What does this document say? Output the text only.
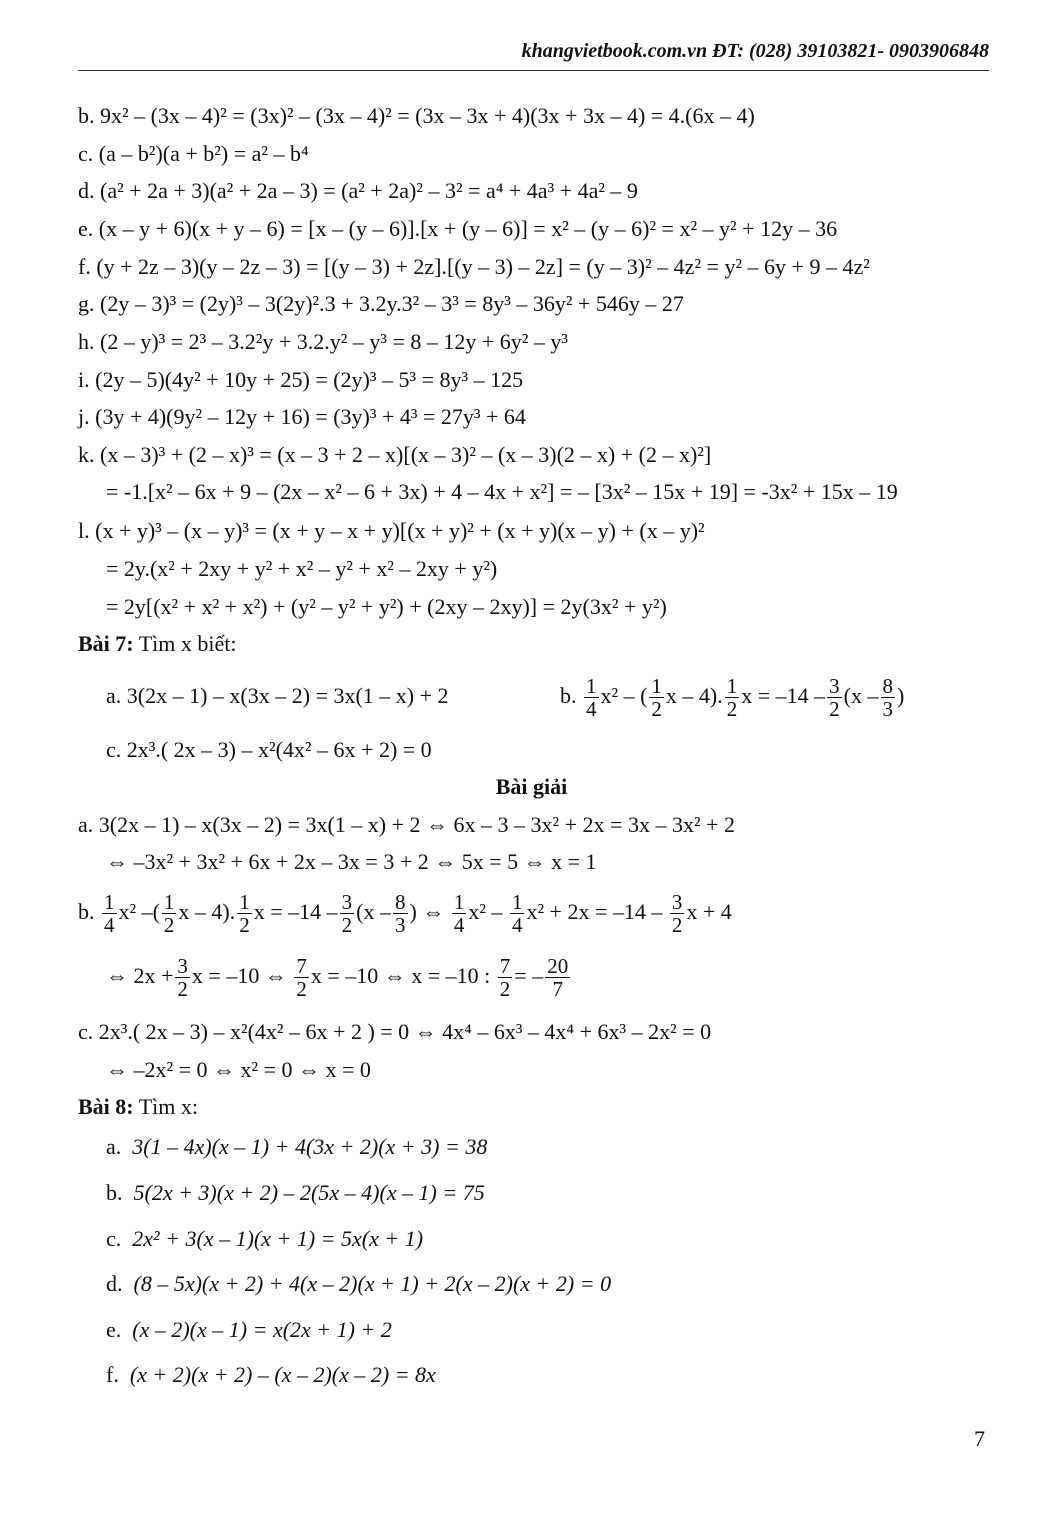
khangvietbook.com.vn ĐT: (028) 39103821- 0903906848
b. 9x² – (3x – 4)² = (3x)² – (3x – 4)² = (3x – 3x + 4)(3x + 3x – 4) = 4.(6x – 4)
c. (a – b²)(a + b²) = a² – b⁴
d. (a² + 2a + 3)(a² + 2a – 3) = (a² + 2a)² – 3² = a⁴ + 4a³ + 4a² – 9
e. (x – y + 6)(x + y – 6) = [x – (y – 6)].[x + (y – 6)] = x² – (y – 6)² = x² – y² + 12y – 36
f. (y + 2z – 3)(y – 2z – 3) = [(y – 3) + 2z].[(y – 3) – 2z] = (y – 3)² – 4z² = y² – 6y + 9 – 4z²
g. (2y – 3)³ = (2y)³ – 3(2y)².3 + 3.2y.3² – 3³ = 8y³ – 36y² + 546y – 27
h. (2 – y)³ = 2³ – 3.2²y + 3.2.y² – y³ = 8 – 12y + 6y² – y³
i. (2y – 5)(4y² + 10y + 25) = (2y)³ – 5³ = 8y³ – 125
j. (3y + 4)(9y² – 12y + 16) = (3y)³ + 4³ = 27y³ + 64
k. (x – 3)³ + (2 – x)³ = (x – 3 + 2 – x)[(x – 3)² – (x – 3)(2 – x) + (2 – x)²]
= -1.[x² – 6x + 9 – (2x – x² – 6 + 3x) + 4 – 4x + x²] = – [3x² – 15x + 19] = -3x² + 15x – 19
l. (x + y)³ – (x – y)³ = (x + y – x + y)[(x + y)² + (x + y)(x – y) + (x – y)²
= 2y.(x² + 2xy + y² + x² – y² + x² – 2xy + y²)
= 2y[(x² + x² + x²) + (y² – y² + y²) + (2xy – 2xy)] = 2y(3x² + y²)
Bài 7: Tìm x biết:
a. 3(2x – 1) – x(3x – 2) = 3x(1 – x) + 2	b. $\frac{1}{4} x^2$ – ( $\frac{1}{2}$ x – 4). $\frac{1}{2}$ $x = -14 - \frac{3}{2} (x - \frac{8}{3}$ )
c. 2x³.( 2x – 3) – x²(4x² – 6x + 2) = 0
Bài giải
a. 3(2x – 1) – x(3x – 2) = 3x(1 – x) + 2 ⇔ 6x – 3 – 3x² + 2x = 3x – 3x² + 2
⇔ –3x² + 3x² + 6x + 2x – 3x = 3 + 2 ⇔ 5x = 5 ⇔ x = 1
b. $\frac{1}{4} x^2$ –( $\frac{1}{2}$ x – 4). $\frac{1}{2}$ $x = -14 - \frac{3}{2} (x - \frac{8}{3}$ ) ⇔ $\frac{1}{4} x^2 - \frac{1}{4} x^2 + 2x = -14 - \frac{3}{2}$ x + 4
⇔ $2x + \frac{3}{2}$ x = –10 ⇔ $\frac{7}{2}$ x = –10 ⇔ x = –10 : $\frac{7}{2}$ = – $\frac{20}{7}$
c. 2x³.( 2x – 3) – x²(4x² – 6x + 2 ) = 0 ⇔ 4x⁴ – 6x³ – 4x⁴ + 6x³ – 2x² = 0
⇔ –2x² = 0 ⇔ x² = 0 ⇔ x = 0
Bài 8: Tìm x:
a. 3(1 – 4x)(x – 1) + 4(3x + 2)(x + 3) = 38
b. 5(2x + 3)(x + 2) – 2(5x – 4)(x – 1) = 75
c. 2x² + 3(x – 1)(x + 1) = 5x(x + 1)
d. (8 – 5x)(x + 2) + 4(x – 2)(x + 1) + 2(x – 2)(x + 2) = 0
e. (x – 2)(x – 1) = x(2x + 1) + 2
f. (x + 2)(x + 2) – (x – 2)(x – 2) = 8x
7
